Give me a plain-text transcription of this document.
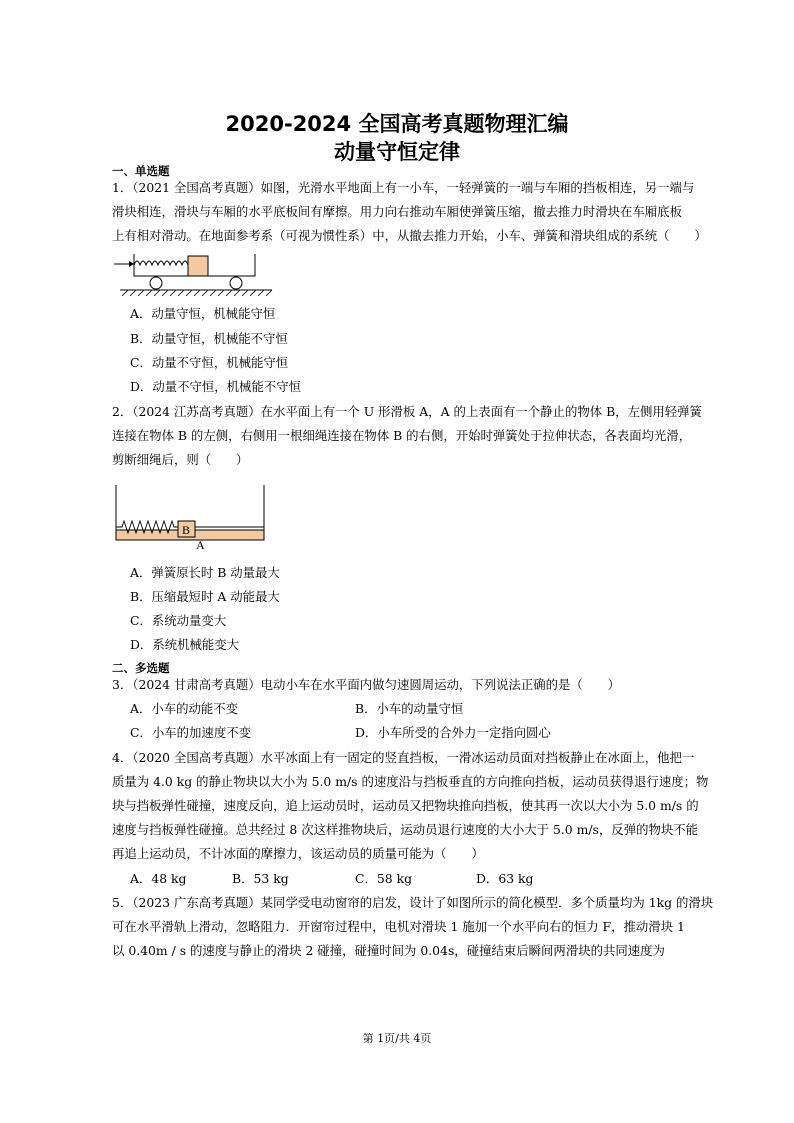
2020-2024 全国高考真题物理汇编
动量守恒定律
一、单选题
1．（2021 全国高考真题）如图，光滑水平地面上有一小车，一轻弹簧的一端与车厢的挡板相连，另一端与
滑块相连，滑块与车厢的水平底板间有摩擦。用力向右推动车厢使弹簧压缩，撤去推力时滑块在车厢底板
上有相对滑动。在地面参考系（可视为惯性系）中，从撤去推力开始，小车、弹簧和滑块组成的系统（　　）
A．动量守恒，机械能守恒
B．动量守恒，机械能不守恒
C．动量不守恒，机械能守恒
D．动量不守恒，机械能不守恒
2．（2024 江苏高考真题）在水平面上有一个 U 形滑板 A，A 的上表面有一个静止的物体 B，左侧用轻弹簧
连接在物体 B 的左侧，右侧用一根细绳连接在物体 B 的右侧，开始时弹簧处于拉伸状态，各表面均光滑，
剪断细绳后，则（　　）
B
A
A．弹簧原长时 B 动量最大
B．压缩最短时 A 动能最大
C．系统动量变大
D．系统机械能变大
二、多选题
3．（2024 甘肃高考真题）电动小车在水平面内做匀速圆周运动，下列说法正确的是（　　）
A．小车的动能不变	B．小车的动量守恒
C．小车的加速度不变	D．小车所受的合外力一定指向圆心
4．（2020 全国高考真题）水平冰面上有一固定的竖直挡板，一滑冰运动员面对挡板静止在冰面上，他把一
质量为 4.0 kg 的静止物块以大小为 5.0 m/s 的速度沿与挡板垂直的方向推向挡板，运动员获得退行速度；物
块与挡板弹性碰撞，速度反向，追上运动员时，运动员又把物块推向挡板，使其再一次以大小为 5.0 m/s 的
速度与挡板弹性碰撞。总共经过 8 次这样推物块后，运动员退行速度的大小大于 5.0 m/s，反弹的物块不能
再追上运动员，不计冰面的摩擦力，该运动员的质量可能为（　　）
A．48 kg	B．53 kg	C．58 kg	D．63 kg
5．（2023 广东高考真题）某同学受电动窗帘的启发，设计了如图所示的简化模型．多个质量均为 1kg 的滑块
可在水平滑轨上滑动，忽略阻力．开窗帘过程中，电机对滑块 1 施加一个水平向右的恒力 F，推动滑块 1
以 0.40m / s 的速度与静止的滑块 2 碰撞，碰撞时间为 0.04s，碰撞结束后瞬间两滑块的共同速度为
第 1页/共 4页
